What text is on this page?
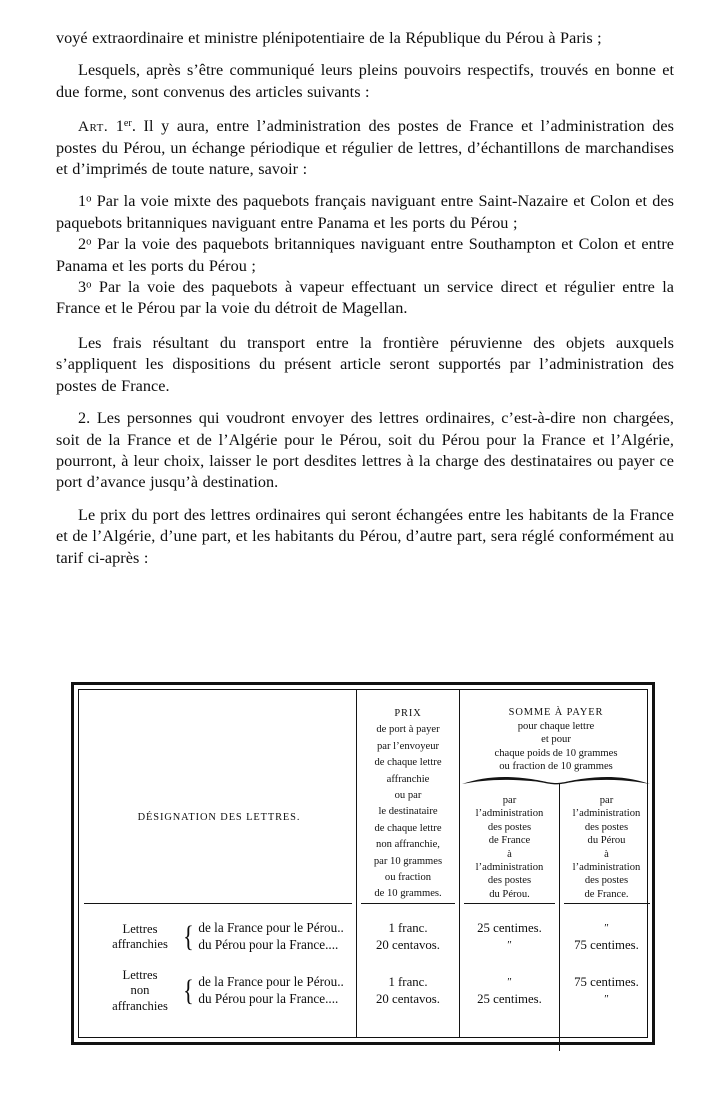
voyé extraordinaire et ministre plénipotentiaire de la République du Pérou à Paris ;

Lesquels, après s’être communiqué leurs pleins pouvoirs respectifs, trouvés en bonne et due forme, sont convenus des articles suivants :

Art. 1er. Il y aura, entre l’administration des postes de France et l’administration des postes du Pérou, un échange périodique et régulier de lettres, d’échantillons de marchandises et d’imprimés de toute nature, savoir :

1$^o$ Par la voie mixte des paquebots français naviguant entre Saint-Nazaire et Colon et des paquebots britanniques naviguant entre Panama et les ports du Pérou ;

2$^o$ Par la voie des paquebots britanniques naviguant entre Southampton et Colon et entre Panama et les ports du Pérou ;

3$^o$ Par la voie des paquebots à vapeur effectuant un service direct et régulier entre la France et le Pérou par la voie du détroit de Magellan.

Les frais résultant du transport entre la frontière péruvienne des objets auxquels s’appliquent les dispositions du présent article seront supportés par l’administration des postes de France.

2. Les personnes qui voudront envoyer des lettres ordinaires, c’est-à-dire non chargées, soit de la France et de l’Algérie pour le Pérou, soit du Pérou pour la France et l’Algérie, pourront, à leur choix, laisser le port desdites lettres à la charge des destinataires ou payer ce port d’avance jusqu’à destination.

Le prix du port des lettres ordinaires qui seront échangées entre les habitants de la France et de l’Algérie, d’une part, et les habitants du Pérou, d’autre part, sera réglé conformément au tarif ci-après :

DÉSIGNATION DES LETTRES.
PRIX
de port à payer
par l’envoyeur
de chaque lettre
affranchie
ou par
le destinataire
de chaque lettre
non affranchie,
par 10 grammes
ou fraction
de 10 grammes.
SOMME À PAYER
pour chaque lettre
et pour
chaque poids de 10 grammes
ou fraction de 10 grammes
par
l’administration
des postes
de France
à
l’administration
des postes
du Pérou.
par
l’administration
des postes
du Pérou
à
l’administration
des postes
de France.
Lettres
affranchies { de la France pour le Pérou..
du Pérou pour la France....
1 franc.
20 centavos.
25 centimes.
″
″
75 centimes.
Lettres
non
affranchies { de la France pour le Pérou..
du Pérou pour la France....
1 franc.
20 centavos.
″
25 centimes.
75 centimes.
″
